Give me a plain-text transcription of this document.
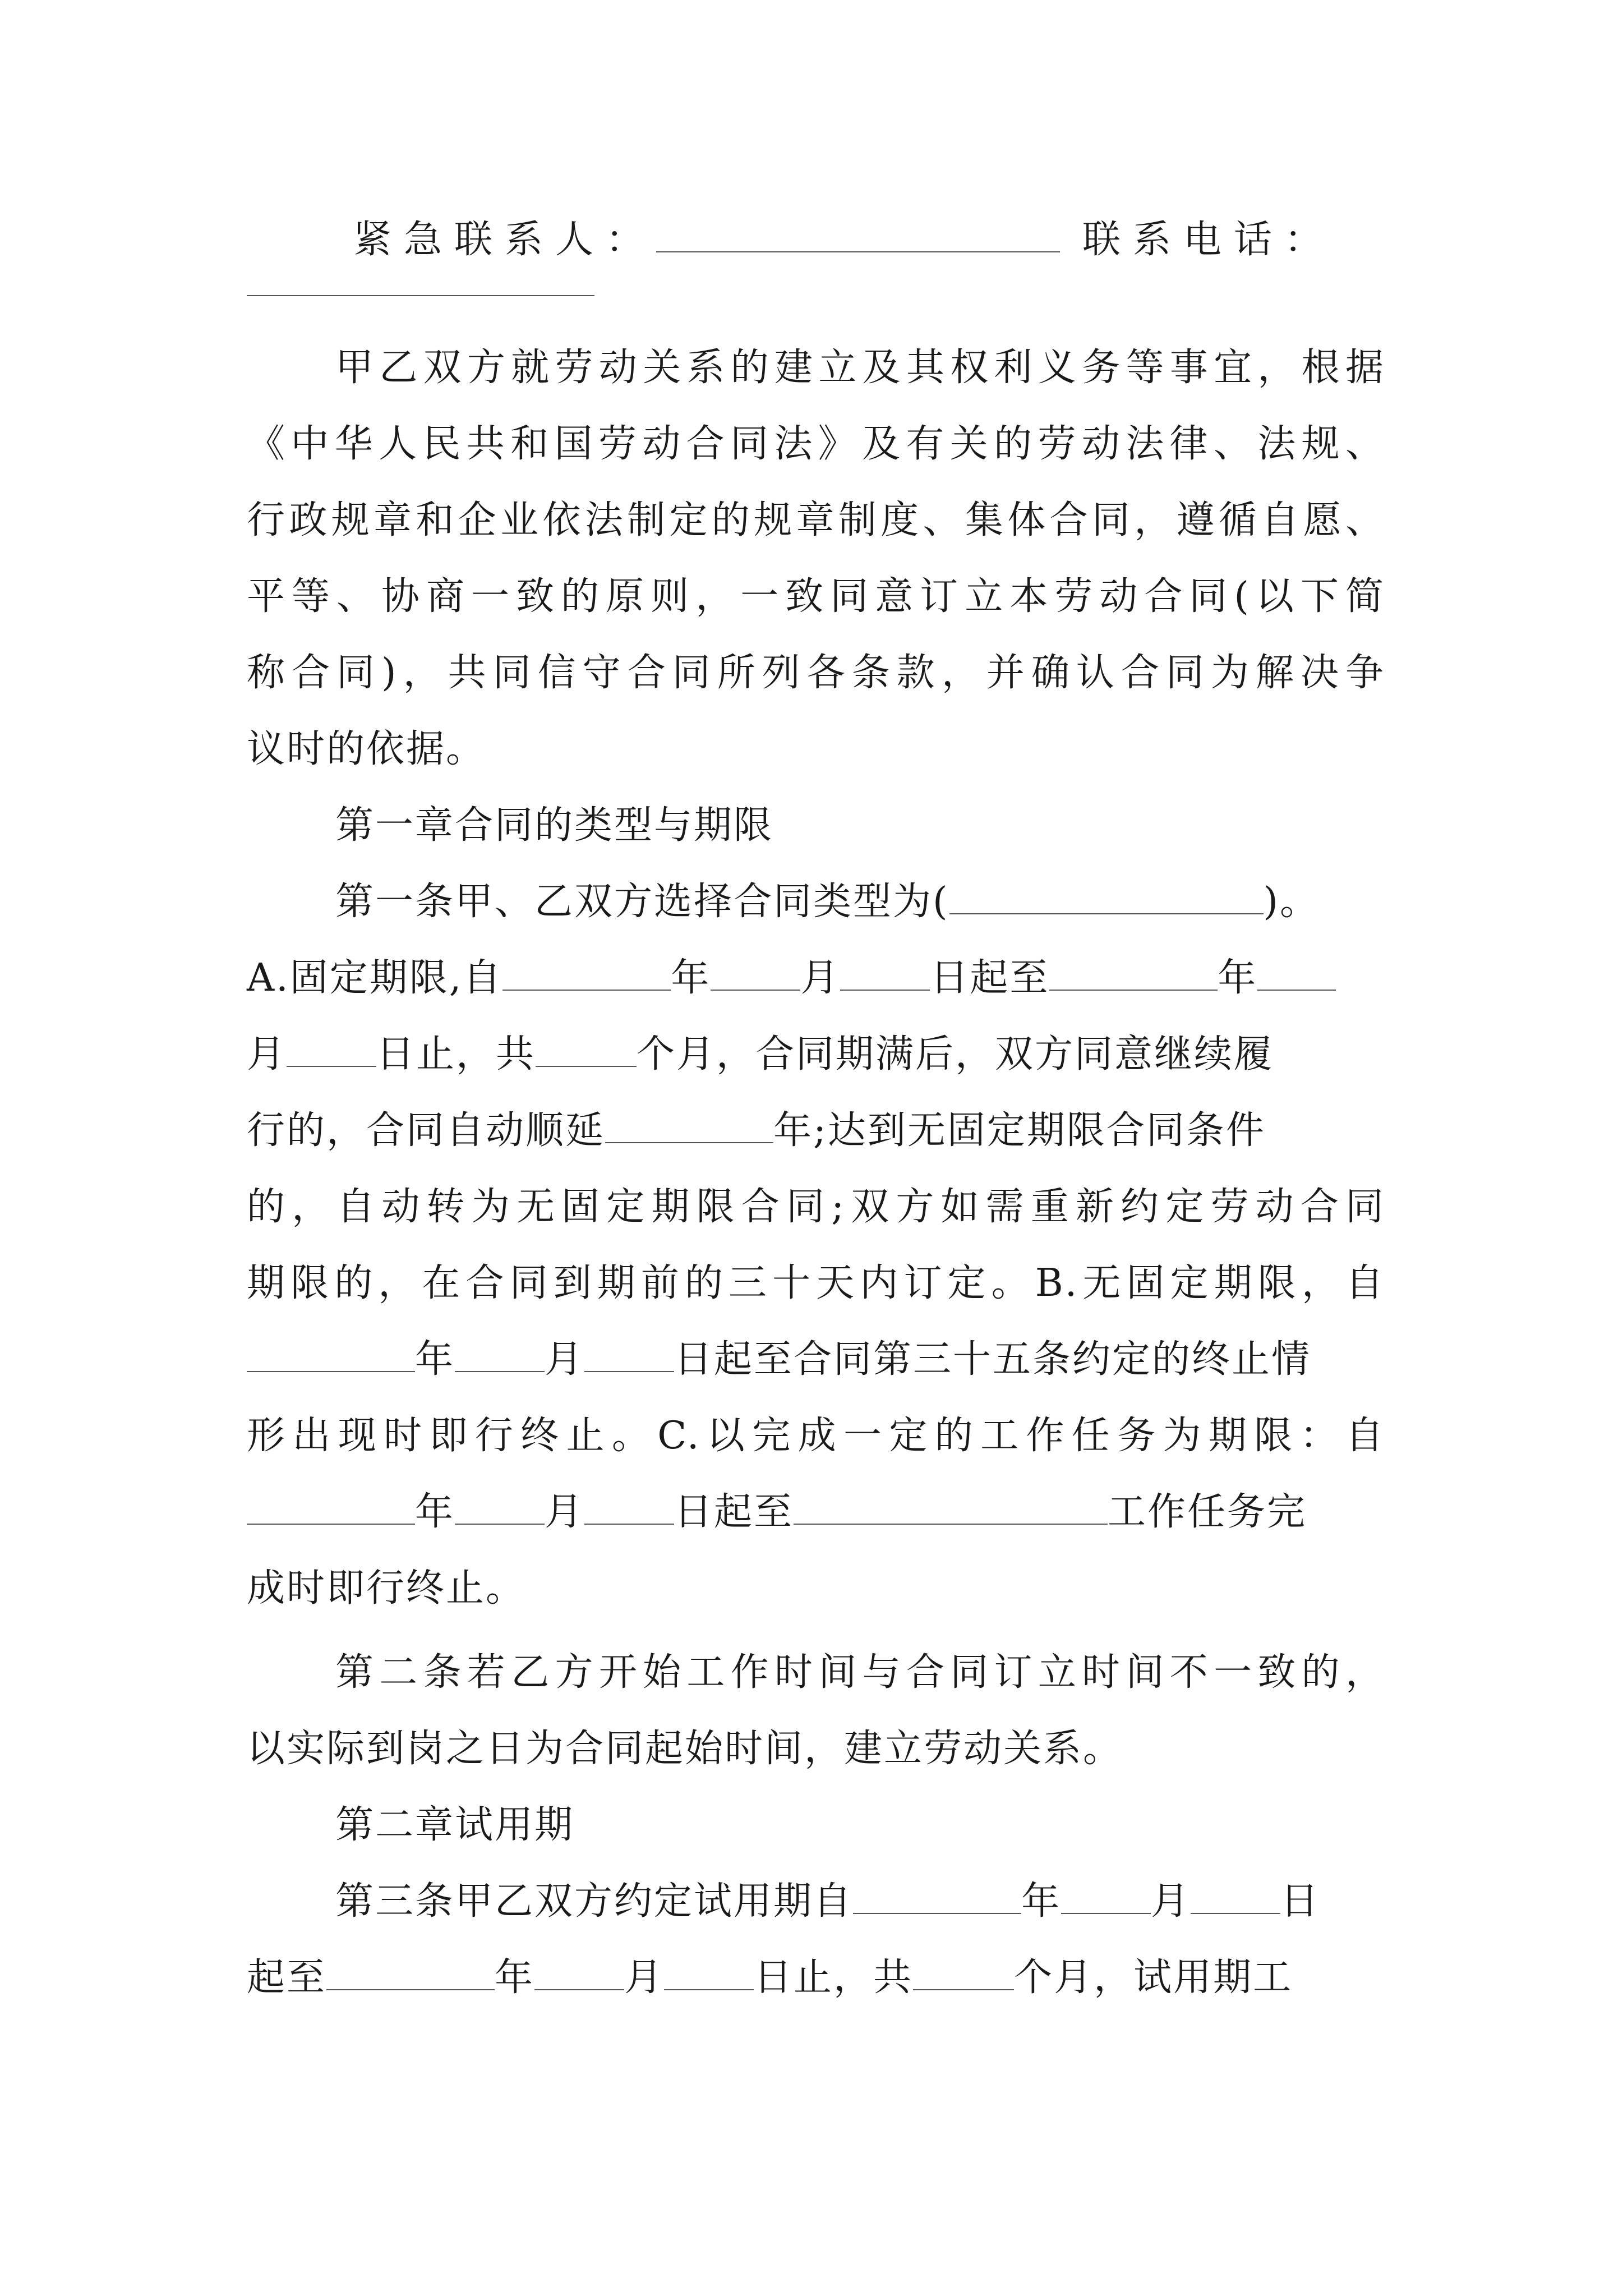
紧急联系人：	联系电话：
甲乙双方就劳动关系的建立及其权利义务等事宜，根据
《中华人民共和国劳动合同法》及有关的劳动法律、法规、
行政规章和企业依法制定的规章制度、集体合同，遵循自愿、
平等、协商一致的原则，一致同意订立本劳动合同(以下简
称合同)，共同信守合同所列各条款，并确认合同为解决争
议时的依据。
第一章合同的类型与期限
第一条甲、乙双方选择合同类型为(	)。
A.固定期限,自	年 月 日起至	年
月 日止，共	个月，合同期满后，双方同意继续履
行的，合同自动顺延	年;达到无固定期限合同条件
的，自动转为无固定期限合同;双方如需重新约定劳动合同
期限的，在合同到期前的三十天内订定。B.无固定期限，自
年 月 日起至合同第三十五条约定的终止情
形出现时即行终止。C.以完成一定的工作任务为期限：自
年 月 日起至	工作任务完
成时即行终止。
第二条若乙方开始工作时间与合同订立时间不一致的，
以实际到岗之日为合同起始时间，建立劳动关系。
第二章试用期
第三条甲乙双方约定试用期自	年 月 日
起至	年 月 日止，共	个月，试用期工
